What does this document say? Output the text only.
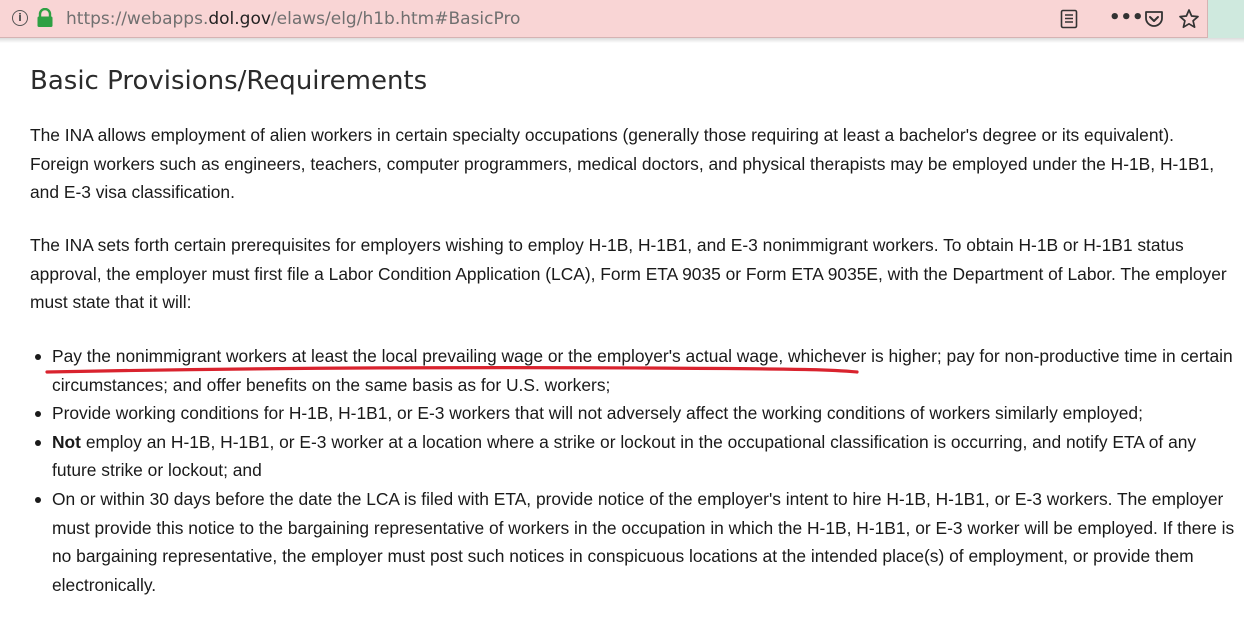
i	https://webapps.dol.gov/elaws/elg/h1b.htm#BasicPro	•••
Basic Provisions/Requirements

The INA allows employment of alien workers in certain specialty occupations (generally those requiring at least a bachelor's degree or its equivalent). Foreign workers such as engineers, teachers, computer programmers, medical doctors, and physical therapists may be employed under the H-1B, H-1B1, and E-3 visa classification.

The INA sets forth certain prerequisites for employers wishing to employ H-1B, H-1B1, and E-3 nonimmigrant workers. To obtain H-1B or H-1B1 status approval, the employer must first file a Labor Condition Application (LCA), Form ETA 9035 or Form ETA 9035E, with the Department of Labor. The employer must state that it will:

Pay the nonimmigrant workers at least the local prevailing wage or the employer's actual wage, whichever is higher; pay for non-productive time in certain circumstances; and offer benefits on the same basis as for U.S. workers;
Provide working conditions for H-1B, H-1B1, or E-3 workers that will not adversely affect the working conditions of workers similarly employed;
Not employ an H-1B, H-1B1, or E-3 worker at a location where a strike or lockout in the occupational classification is occurring, and notify ETA of any future strike or lockout; and
On or within 30 days before the date the LCA is filed with ETA, provide notice of the employer's intent to hire H-1B, H-1B1, or E-3 workers. The employer must provide this notice to the bargaining representative of workers in the occupation in which the H-1B, H-1B1, or E-3 worker will be employed. If there is no bargaining representative, the employer must post such notices in conspicuous locations at the intended place(s) of employment, or provide them electronically.
